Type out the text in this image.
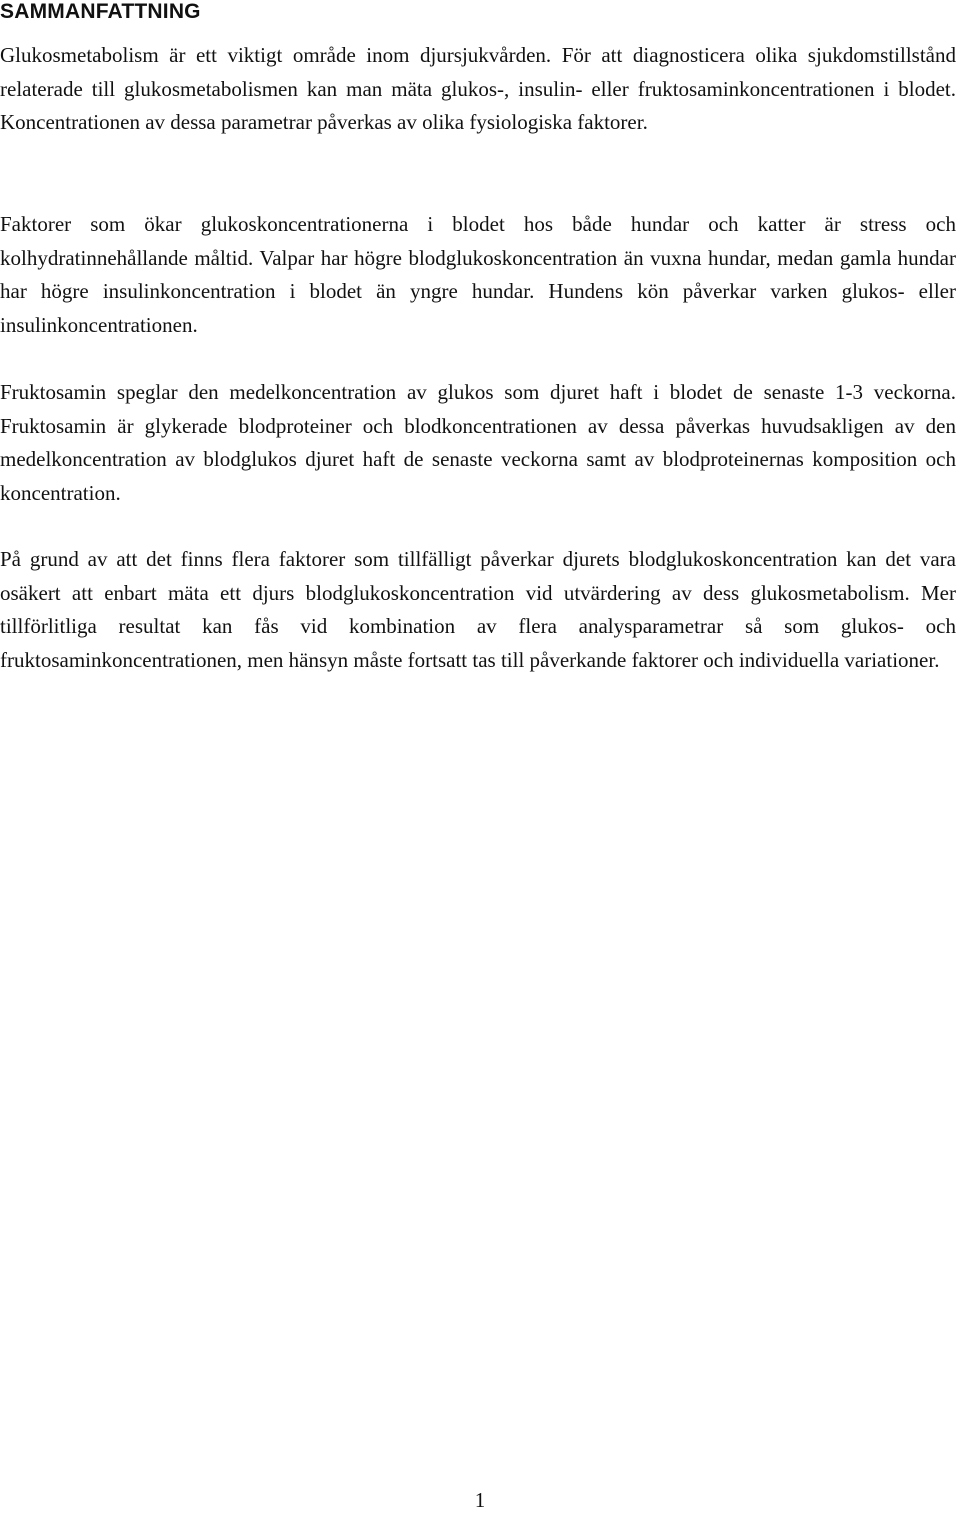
SAMMANFATTNING

Glukosmetabolism är ett viktigt område inom djursjukvården. För att diagnosticera olika sjukdomstillstånd relaterade till glukosmetabolismen kan man mäta glukos-, insulin- eller fruktosaminkoncentrationen i blodet. Koncentrationen av dessa parametrar påverkas av olika fysiologiska faktorer.

Faktorer som ökar glukoskoncentrationerna i blodet hos både hundar och katter är stress och kolhydratinnehållande måltid. Valpar har högre blodglukoskoncentration än vuxna hundar, medan gamla hundar har högre insulinkoncentration i blodet än yngre hundar. Hundens kön påverkar varken glukos- eller insulinkoncentrationen.

Fruktosamin speglar den medelkoncentration av glukos som djuret haft i blodet de senaste 1-3 veckorna. Fruktosamin är glykerade blodproteiner och blodkoncentrationen av dessa påverkas huvudsakligen av den medelkoncentration av blodglukos djuret haft de senaste veckorna samt av blodproteinernas komposition och koncentration.

På grund av att det finns flera faktorer som tillfälligt påverkar djurets blodglukoskoncentration kan det vara osäkert att enbart mäta ett djurs blodglukoskoncentration vid utvärdering av dess glukosmetabolism. Mer tillförlitliga resultat kan fås vid kombination av flera analysparametrar så som glukos- och fruktosaminkoncentrationen, men hänsyn måste fortsatt tas till påverkande faktorer och individuella variationer.

1
